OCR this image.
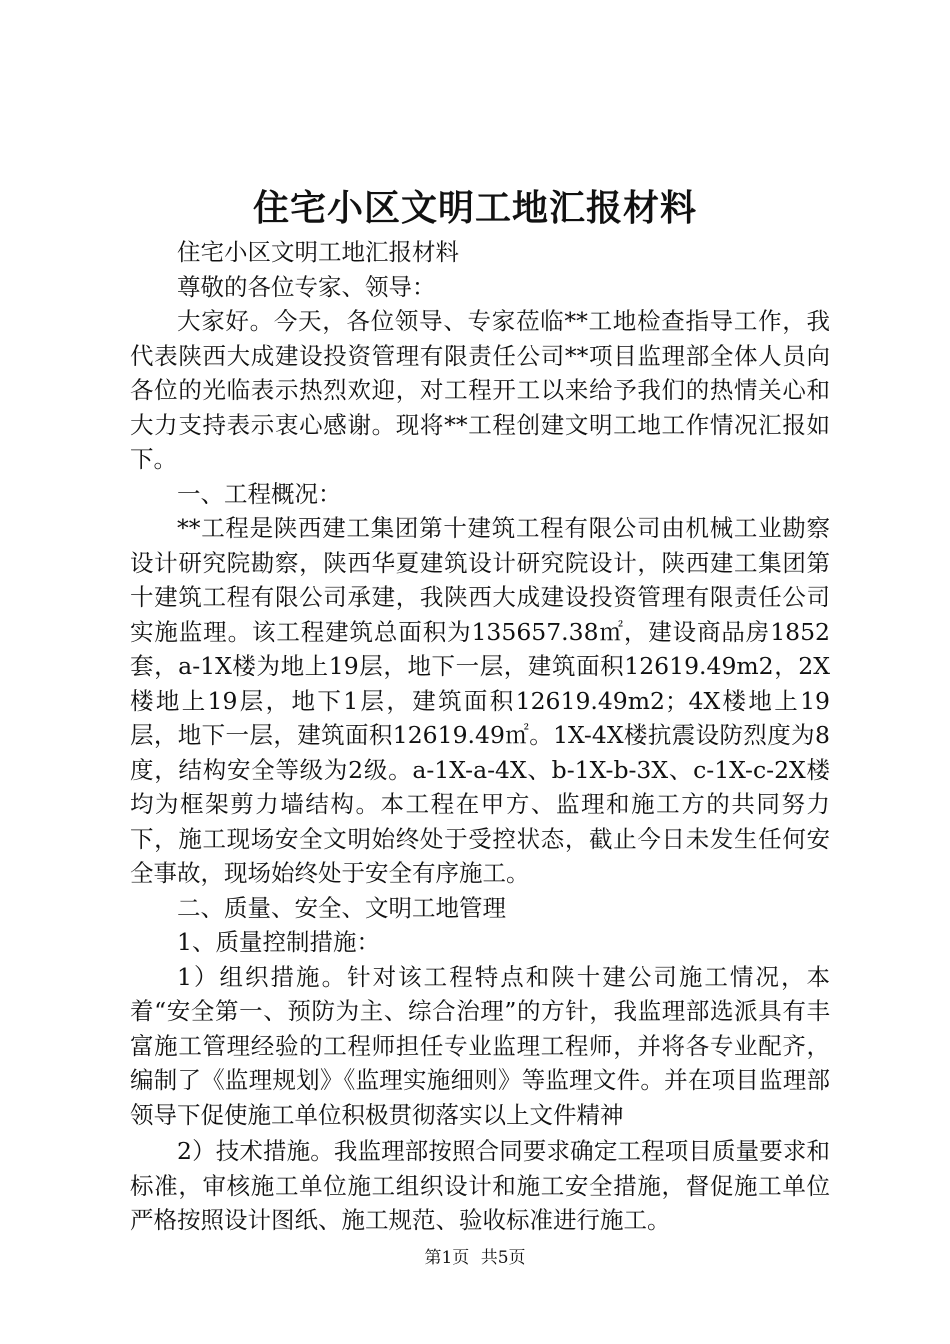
住宅小区文明工地汇报材料

住宅小区文明工地汇报材料

尊敬的各位专家、领导：

大家好。今天，各位领导、专家莅临**工地检查指导工作，我代表陕西大成建设投资管理有限责任公司**项目监理部全体人员向各位的光临表示热烈欢迎，对工程开工以来给予我们的热情关心和大力支持表示衷心感谢。现将**工程创建文明工地工作情况汇报如下。

一、工程概况：

**工程是陕西建工集团第十建筑工程有限公司由机械工业勘察设计研究院勘察，陕西华夏建筑设计研究院设计，陕西建工集团第十建筑工程有限公司承建，我陕西大成建设投资管理有限责任公司实施监理。该工程建筑总面积为135657.38㎡，建设商品房1852套，a-1X楼为地上19层，地下一层，建筑面积12619.49m2，2X楼地上19层，地下1层，建筑面积12619.49m2；4X楼地上19层，地下一层，建筑面积12619.49㎡。1X-4X楼抗震设防烈度为8度，结构安全等级为2级。a-1X-a-4X、b-1X-b-3X、c-1X-c-2X楼均为框架剪力墙结构。本工程在甲方、监理和施工方的共同努力下，施工现场安全文明始终处于受控状态，截止今日未发生任何安全事故，现场始终处于安全有序施工。

二、质量、安全、文明工地管理

1、质量控制措施：

1）组织措施。针对该工程特点和陕十建公司施工情况，本着“安全第一、预防为主、综合治理”的方针，我监理部选派具有丰富施工管理经验的工程师担任专业监理工程师，并将各专业配齐，编制了《监理规划》《监理实施细则》等监理文件。并在项目监理部领导下促使施工单位积极贯彻落实以上文件精神

2）技术措施。我监理部按照合同要求确定工程项目质量要求和标准，审核施工单位施工组织设计和施工安全措施，督促施工单位严格按照设计图纸、施工规范、验收标准进行施工。

第1页 共5页
